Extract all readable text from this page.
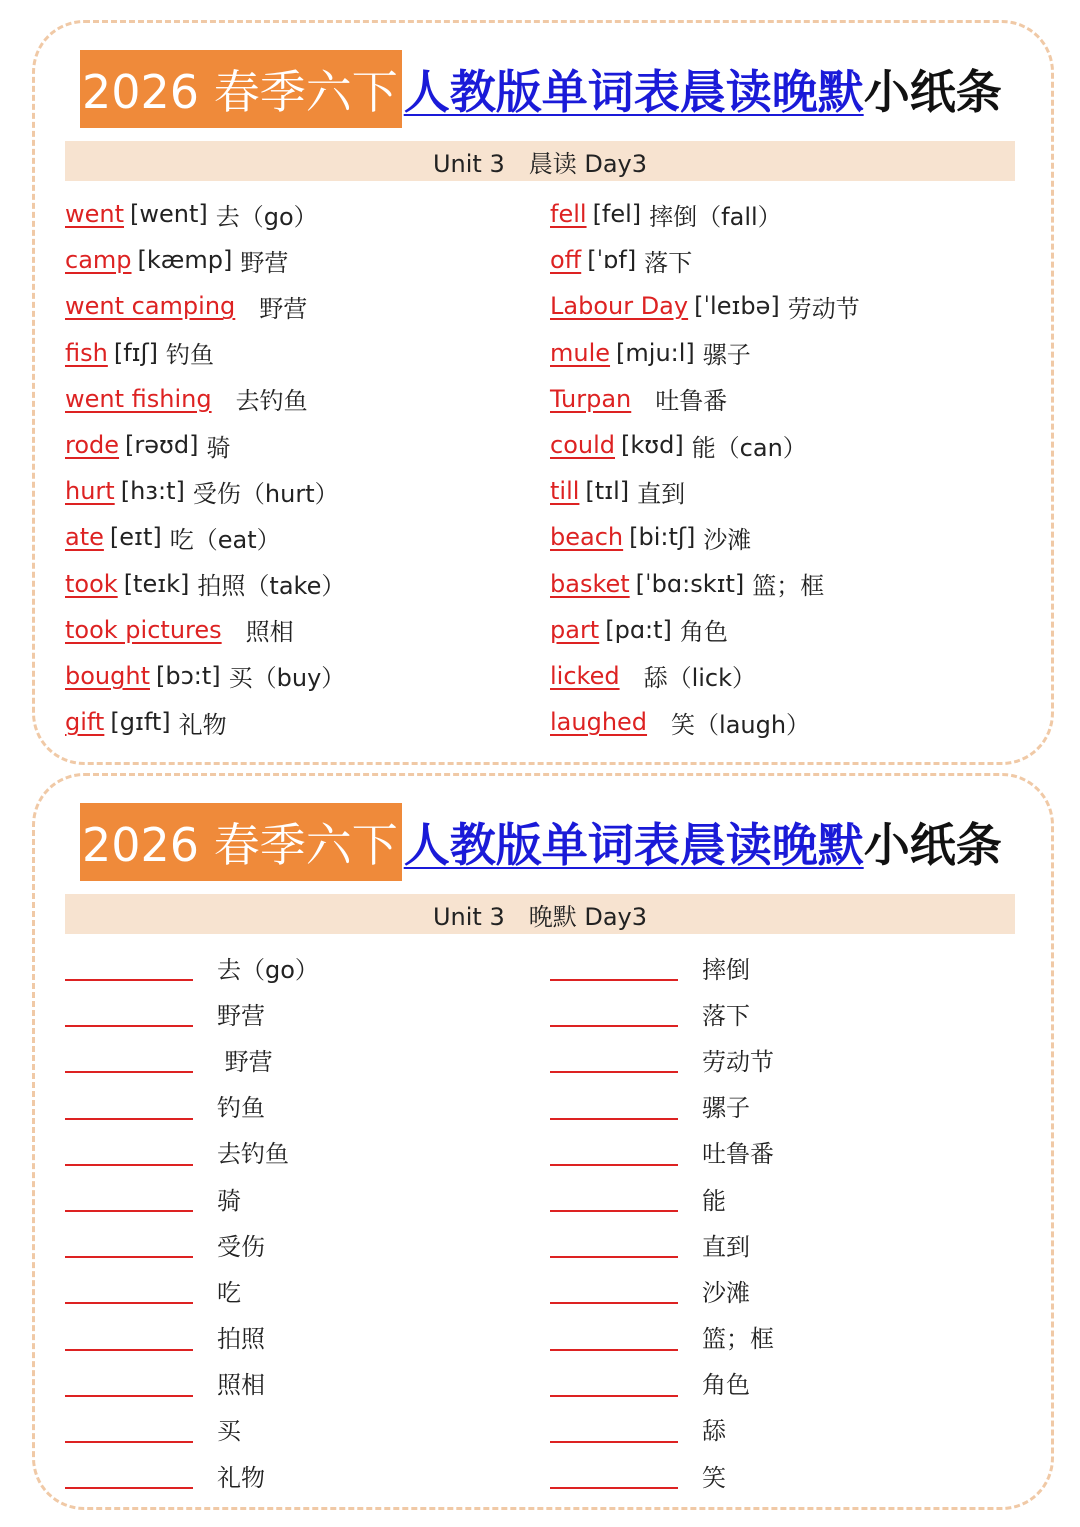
2026 春季六下 人教版单词表晨读晚默 小纸条
Unit 3　晨读 Day3
went [went] 去（go）
camp [kæmp] 野营
went camping	野营
fish [fɪʃ] 钓鱼
went fishing	去钓鱼
rode [rəʊd] 骑
hurt [hɜ:t] 受伤（hurt）
ate [eɪt] 吃（eat）
took [teɪk] 拍照（take）
took pictures	照相
bought [bɔ:t] 买（buy）
gift [gɪft] 礼物
fell [fel] 摔倒（fall）
off [ˈɒf] 落下
Labour Day [ˈleɪbə] 劳动节
mule [mju:l] 骡子
Turpan	吐鲁番
could [kʊd] 能（can）
till [tɪl] 直到
beach [bi:tʃ] 沙滩
basket [ˈbɑ:skɪt] 篮；框
part [pɑ:t] 角色
licked	舔（lick）
laughed	笑（laugh）
2026 春季六下 人教版单词表晨读晚默 小纸条
Unit 3　晚默 Day3
去（go）
野营
野营
钓鱼
去钓鱼
骑
受伤
吃
拍照
照相
买
礼物
摔倒
落下
劳动节
骡子
吐鲁番
能
直到
沙滩
篮；框
角色
舔
笑
